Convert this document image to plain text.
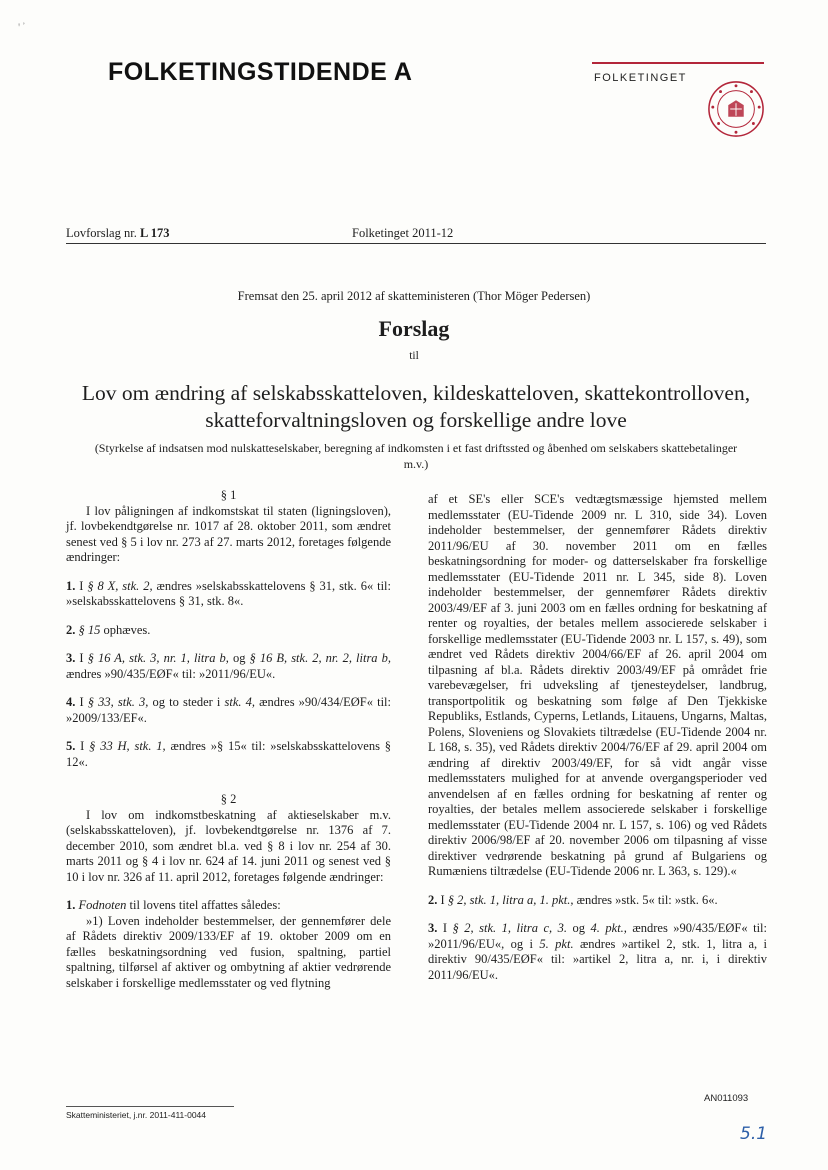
' ̕
FOLKETINGSTIDENDE A	FOLKETINGET
Lovforslag nr. L 173	Folketinget 2011-12
Fremsat den 25. april 2012 af skatteministeren (Thor Möger Pedersen)
Forslag
til
Lov om ændring af selskabsskatteloven, kildeskatteloven, skattekontrolloven,
skatteforvaltningsloven og forskellige andre love
(Styrkelse af indsatsen mod nulskatteselskaber, beregning af indkomsten i et fast driftssted og åbenhed om selskabers skattebetalinger m.v.)

§ 1

I lov påligningen af indkomstskat til staten (ligningsloven), jf. lovbekendtgørelse nr. 1017 af 28. oktober 2011, som ændret senest ved § 5 i lov nr. 273 af 27. marts 2012, foretages følgende ændringer:

1. I § 8 X, stk. 2, ændres »selskabsskattelovens § 31, stk. 6« til: »selskabsskattelovens § 31, stk. 8«.

2. § 15 ophæves.

3. I § 16 A, stk. 3, nr. 1, litra b, og § 16 B, stk. 2, nr. 2, litra b, ændres »90/435/EØF« til: »2011/96/EU«.

4. I § 33, stk. 3, og to steder i stk. 4, ændres »90/434/EØF« til: »2009/133/EF«.

5. I § 33 H, stk. 1, ændres »§ 15« til: »selskabsskattelovens § 12«.

§ 2

I lov om indkomstbeskatning af aktieselskaber m.v. (selskabsskatteloven), jf. lovbekendtgørelse nr. 1376 af 7. december 2010, som ændret bl.a. ved § 8 i lov nr. 254 af 30. marts 2011 og § 4 i lov nr. 624 af 14. juni 2011 og senest ved § 10 i lov nr. 326 af 11. april 2012, foretages følgende ændringer:

1. Fodnoten til lovens titel affattes således:

»1) Loven indeholder bestemmelser, der gennemfører dele af Rådets direktiv 2009/133/EF af 19. oktober 2009 om en fælles beskatningsordning ved fusion, spaltning, partiel spaltning, tilførsel af aktiver og ombytning af aktier vedrørende selskaber i forskellige medlemsstater og ved flytning

af et SE's eller SCE's vedtægtsmæssige hjemsted mellem medlemsstater (EU-Tidende 2009 nr. L 310, side 34). Loven indeholder bestemmelser, der gennemfører Rådets direktiv 2011/96/EU af 30. november 2011 om en fælles beskatningsordning for moder- og datterselskaber fra forskellige medlemsstater (EU-Tidende 2011 nr. L 345, side 8). Loven indeholder bestemmelser, der gennemfører Rådets direktiv 2003/49/EF af 3. juni 2003 om en fælles ordning for beskatning af renter og royalties, der betales mellem associerede selskaber i forskellige medlemsstater (EU-Tidende 2003 nr. L 157, s. 49), som ændret ved Rådets direktiv 2004/66/EF af 26. april 2004 om tilpasning af bl.a. Rådets direktiv 2003/49/EF på området frie varebevægelser, fri udveksling af tjenesteydelser, landbrug, transportpolitik og beskatning som følge af Den Tjekkiske Republiks, Estlands, Cyperns, Letlands, Litauens, Ungarns, Maltas, Polens, Sloveniens og Slovakiets tiltrædelse (EU-Tidende 2004 nr. L 168, s. 35), ved Rådets direktiv 2004/76/EF af 29. april 2004 om ændring af direktiv 2003/49/EF, for så vidt angår visse medlemsstaters mulighed for at anvende overgangsperioder ved anvendelsen af en fælles ordning for beskatning af renter og royalties, der betales mellem associerede selskaber i forskellige medlemsstater (EU-Tidende 2004 nr. L 157, s. 106) og ved Rådets direktiv 2006/98/EF af 20. november 2006 om tilpasning af visse direktiver vedrørende beskatning på grund af Bulgariens og Rumæniens tiltrædelse (EU-Tidende 2006 nr. L 363, s. 129).«

2. I § 2, stk. 1, litra a, 1. pkt., ændres »stk. 5« til: »stk. 6«.

3. I § 2, stk. 1, litra c, 3. og 4. pkt., ændres »90/435/EØF« til: »2011/96/EU«, og i 5. pkt. ændres »artikel 2, stk. 1, litra a, i direktiv 90/435/EØF« til: »artikel 2, litra a, nr. i, i direktiv 2011/96/EU«.

AN011093
Skatteministeriet, j.nr. 2011-411-0044
5.1
